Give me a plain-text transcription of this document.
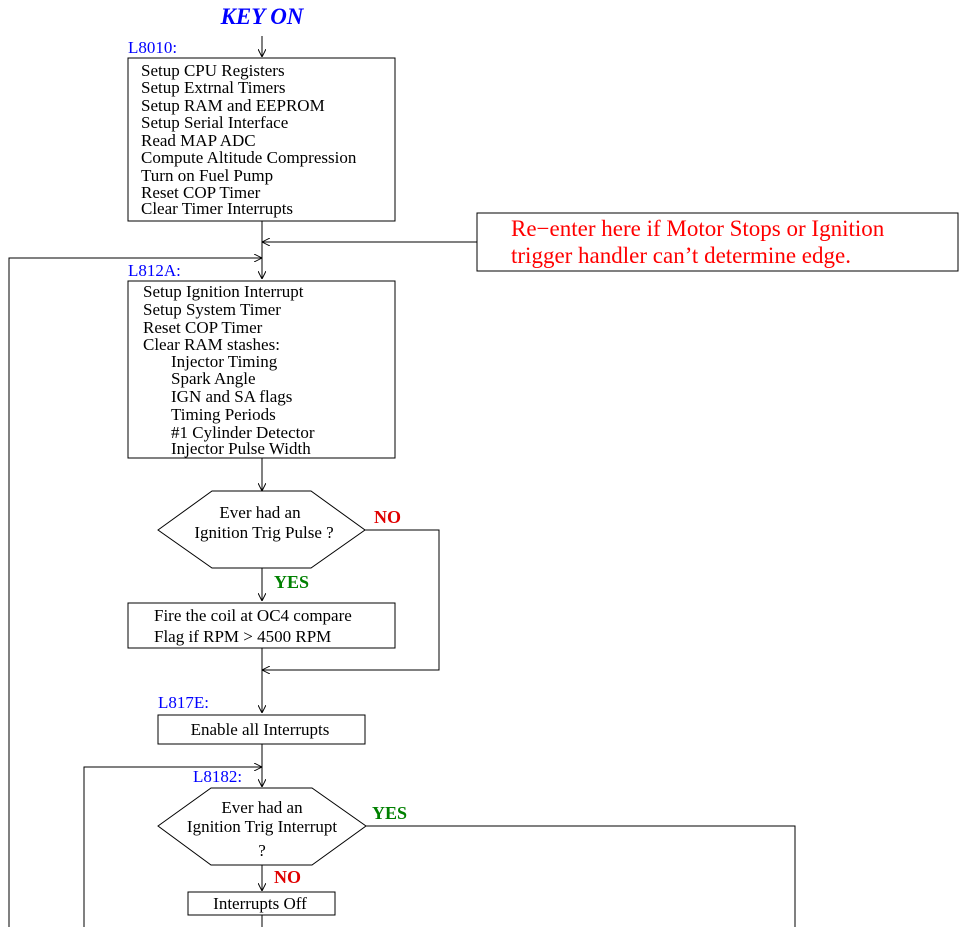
KEY ON
L8010:
Setup CPU Registers
Setup Extrnal Timers
Setup RAM and EEPROM
Setup Serial Interface
Read MAP ADC
Compute Altitude Compression
Turn on Fuel Pump
Reset COP Timer
Clear Timer Interrupts
Re−enter here if Motor Stops or Ignition
trigger handler can’t determine edge.
L812A:
Setup Ignition Interrupt
Setup System Timer
Reset COP Timer
Clear RAM stashes:
Injector Timing
Spark Angle
IGN and SA flags
Timing Periods
#1 Cylinder Detector
Injector Pulse Width
Ever had an
Ignition Trig Pulse ?
NO
YES
Fire the coil at OC4 compare
Flag if RPM > 4500 RPM
L817E:
Enable all Interrupts
L8182:
Ever had an
Ignition Trig Interrupt
?
YES
NO
Interrupts Off
